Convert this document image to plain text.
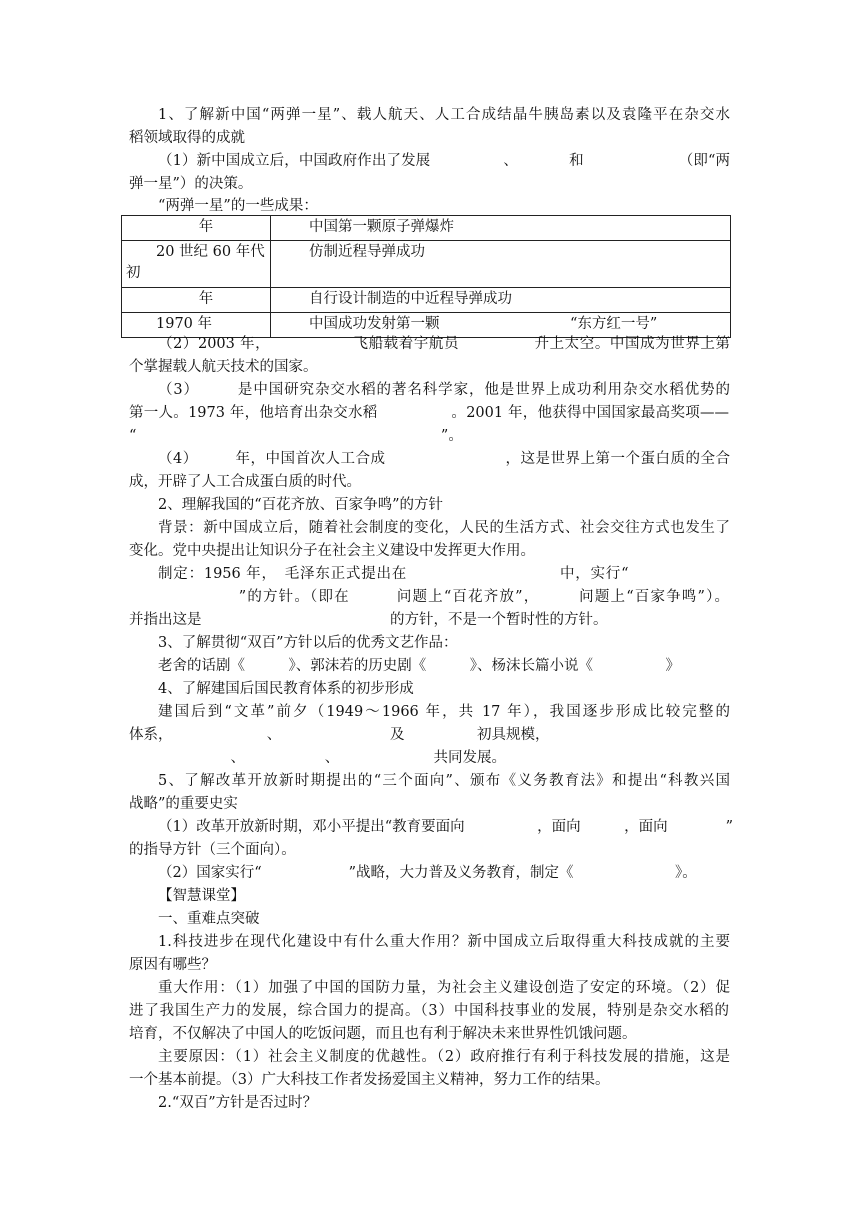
1、了解新中国“两弹一星”、载人航天、人工合成结晶牛胰岛素以及袁隆平在杂交水
稻领域取得的成就
（1）新中国成立后，中国政府作出了发展　　　　　、　　　　和　　　　　　　（即“两
弹一星”）的决策。
“两弹一星”的一些成果：
年	中国第一颗原子弹爆炸

20 世纪 60 年代初	仿制近程导弹成功

年	自行设计制造的中近程导弹成功

1970 年	中国成功发射第一颗　　　　　　　　　“东方红一号”
（2）2003 年，　　　　　　飞船载着宇航员　　　　　升上太空。中国成为世界上第
个掌握载人航天技术的国家。
（3）　　　是中国研究杂交水稻的著名科学家，他是世界上成功利用杂交水稻优势的
第一人。1973 年，他培育出杂交水稻　　　　　。2001 年，他获得中国国家最高奖项——
“　　　　　　　　　　　　　　　　　　　　　”。
（4）　　　年，中国首次人工合成　　　　　　　　，这是世界上第一个蛋白质的全合
成，开辟了人工合成蛋白质的时代。
2、理解我国的“百花齐放、百家争鸣”的方针
背景：新中国成立后，随着社会制度的变化，人民的生活方式、社会交往方式也发生了
变化。党中央提出让知识分子在社会主义建设中发挥更大作用。
制定：1956 年，　毛泽东正式提出在　　　　　　　　　　中，实行“　　　　　　　
　　　　　　　”的方针。（即在　　　问题上“百花齐放”，　　　问题上“百家争鸣”）。
并指出这是　　　　　　　　　　　　　的方针，不是一个暂时性的方针。
3、了解贯彻“双百”方针以后的优秀文艺作品：
老舍的话剧《　　　》、郭沫若的历史剧《　　　》、杨沫长篇小说《　　　　　》
4、了解建国后国民教育体系的初步形成
建国后到“文革”前夕（1949～1966 年，共 17 年），我国逐步形成比较完整的
体系，　　　　　　　、　　　　　　　　及　　　　　初具规模，
　　　　　　　、　　　　　　、　　　　　　　共同发展。
5、了解改革开放新时期提出的“三个面向”、颁布《义务教育法》和提出“科教兴国
战略”的重要史实
（1）改革开放新时期，邓小平提出“教育要面向　　　　　，面向　　　，面向　　　　”
的指导方针（三个面向）。
（2）国家实行“　　　　　　”战略，大力普及义务教育，制定《　　　　　　　》。
【智慧课堂】
一、重难点突破
1.科技进步在现代化建设中有什么重大作用？新中国成立后取得重大科技成就的主要
原因有哪些？
重大作用：（1）加强了中国的国防力量，为社会主义建设创造了安定的环境。（2）促
进了我国生产力的发展，综合国力的提高。（3）中国科技事业的发展，特别是杂交水稻的
培育，不仅解决了中国人的吃饭问题，而且也有利于解决未来世界性饥饿问题。
主要原因：（1）社会主义制度的优越性。（2）政府推行有利于科技发展的措施，这是
一个基本前提。（3）广大科技工作者发扬爱国主义精神，努力工作的结果。
2.“双百”方针是否过时？
